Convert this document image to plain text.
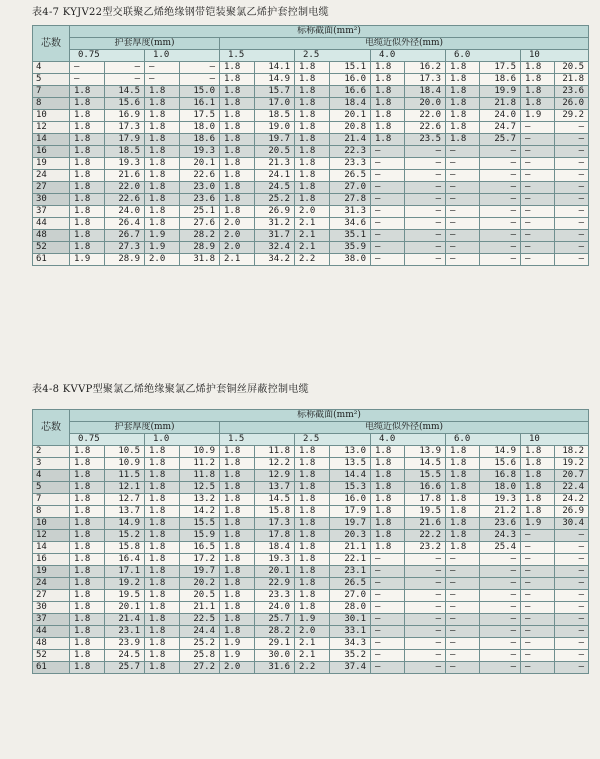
表4-7 KYJV22型交联聚乙烯绝缘钢带铠装聚氯乙烯护套控制电缆
芯数	标称截面(mm²)													
	护套厚度(mm)				电缆近似外径(mm)									
	0.75		1.0		1.5		2.5		4.0		6.0		10	
4	—	—	—	—	1.8	14.1	1.8	15.1	1.8	16.2	1.8	17.5	1.8	20.5
5	—	—	—	—	1.8	14.9	1.8	16.0	1.8	17.3	1.8	18.6	1.8	21.8
7	1.8	14.5	1.8	15.0	1.8	15.7	1.8	16.6	1.8	18.4	1.8	19.9	1.8	23.6
8	1.8	15.6	1.8	16.1	1.8	17.0	1.8	18.4	1.8	20.0	1.8	21.8	1.8	26.0
10	1.8	16.9	1.8	17.5	1.8	18.5	1.8	20.1	1.8	22.0	1.8	24.0	1.9	29.2
12	1.8	17.3	1.8	18.0	1.8	19.0	1.8	20.8	1.8	22.6	1.8	24.7	—	—
14	1.8	17.9	1.8	18.6	1.8	19.7	1.8	21.4	1.8	23.5	1.8	25.7	—	—
16	1.8	18.5	1.8	19.3	1.8	20.5	1.8	22.3	—	—	—	—	—	—
19	1.8	19.3	1.8	20.1	1.8	21.3	1.8	23.3	—	—	—	—	—	—
24	1.8	21.6	1.8	22.6	1.8	24.1	1.8	26.5	—	—	—	—	—	—
27	1.8	22.0	1.8	23.0	1.8	24.5	1.8	27.0	—	—	—	—	—	—
30	1.8	22.6	1.8	23.6	1.8	25.2	1.8	27.8	—	—	—	—	—	—
37	1.8	24.0	1.8	25.1	1.8	26.9	2.0	31.3	—	—	—	—	—	—
44	1.8	26.4	1.8	27.6	2.0	31.2	2.1	34.6	—	—	—	—	—	—
48	1.8	26.7	1.9	28.2	2.0	31.7	2.1	35.1	—	—	—	—	—	—
52	1.8	27.3	1.9	28.9	2.0	32.4	2.1	35.9	—	—	—	—	—	—
61	1.9	28.9	2.0	31.8	2.1	34.2	2.2	38.0	—	—	—	—	—	—
表4-8 KVVP型聚氯乙烯绝缘聚氯乙烯护套铜丝屏蔽控制电缆
芯数	标称截面(mm²)													
	护套厚度(mm)				电缆近似外径(mm)									
	0.75		1.0		1.5		2.5		4.0		6.0		10	
2	1.8	10.5	1.8	10.9	1.8	11.8	1.8	13.0	1.8	13.9	1.8	14.9	1.8	18.2
3	1.8	10.9	1.8	11.2	1.8	12.2	1.8	13.5	1.8	14.5	1.8	15.6	1.8	19.2
4	1.8	11.5	1.8	11.8	1.8	12.9	1.8	14.4	1.8	15.5	1.8	16.8	1.8	20.7
5	1.8	12.1	1.8	12.5	1.8	13.7	1.8	15.3	1.8	16.6	1.8	18.0	1.8	22.4
7	1.8	12.7	1.8	13.2	1.8	14.5	1.8	16.0	1.8	17.8	1.8	19.3	1.8	24.2
8	1.8	13.7	1.8	14.2	1.8	15.8	1.8	17.9	1.8	19.5	1.8	21.2	1.8	26.9
10	1.8	14.9	1.8	15.5	1.8	17.3	1.8	19.7	1.8	21.6	1.8	23.6	1.9	30.4
12	1.8	15.2	1.8	15.9	1.8	17.8	1.8	20.3	1.8	22.2	1.8	24.3	—	—
14	1.8	15.8	1.8	16.5	1.8	18.4	1.8	21.1	1.8	23.2	1.8	25.4	—	—
16	1.8	16.4	1.8	17.2	1.8	19.3	1.8	22.1	—	—	—	—	—	—
19	1.8	17.1	1.8	19.7	1.8	20.1	1.8	23.1	—	—	—	—	—	—
24	1.8	19.2	1.8	20.2	1.8	22.9	1.8	26.5	—	—	—	—	—	—
27	1.8	19.5	1.8	20.5	1.8	23.3	1.8	27.0	—	—	—	—	—	—
30	1.8	20.1	1.8	21.1	1.8	24.0	1.8	28.0	—	—	—	—	—	—
37	1.8	21.4	1.8	22.5	1.8	25.7	1.9	30.1	—	—	—	—	—	—
44	1.8	23.1	1.8	24.4	1.8	28.2	2.0	33.1	—	—	—	—	—	—
48	1.8	23.9	1.8	25.2	1.9	29.1	2.1	34.3	—	—	—	—	—	—
52	1.8	24.5	1.8	25.8	1.9	30.0	2.1	35.2	—	—	—	—	—	—
61	1.8	25.7	1.8	27.2	2.0	31.6	2.2	37.4	—	—	—	—	—	—
